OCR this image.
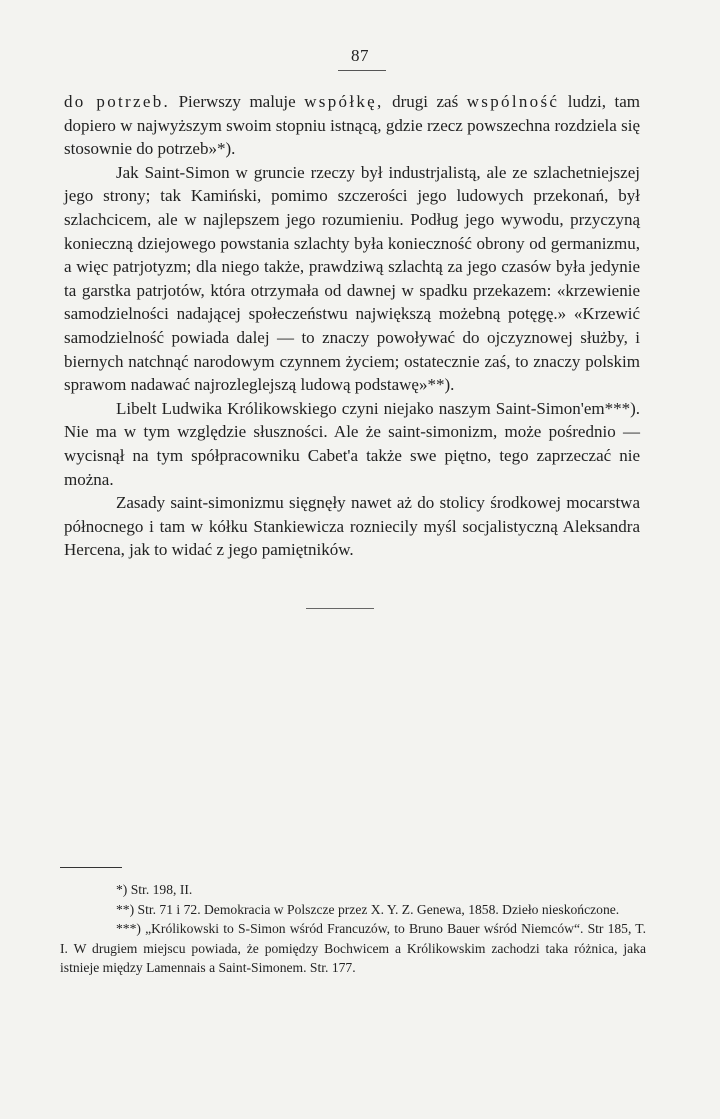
87

do potrzeb. Pierwszy maluje współkę, drugi zaś wspólność ludzi, tam dopiero w najwyższym swoim stopniu istnącą, gdzie rzecz powszechna rozdziela się stosownie do potrzeb»*).

Jak Saint-Simon w gruncie rzeczy był industrjalistą, ale ze szlachetniejszej jego strony; tak Kamiński, pomimo szczerości jego ludowych przekonań, był szlachcicem, ale w najlepszem jego rozumieniu. Podług jego wywodu, przyczyną konieczną dziejowego powstania szlachty była konieczność obrony od germanizmu, a więc patrjotyzm; dla niego także, prawdziwą szlachtą za jego czasów była jedynie ta garstka patrjotów, która otrzymała od dawnej w spadku przekazem: «krzewienie samodzielności nadającej społeczeństwu największą możebną potęgę.» «Krzewić samodzielność powiada dalej — to znaczy powoływać do ojczyznowej służby, i biernych natchnąć narodowym czynnem życiem; ostatecznie zaś, to znaczy polskim sprawom nadawać najrozleglejszą ludową podstawę»**).

Libelt Ludwika Królikowskiego czyni niejako naszym Saint-Simon'em***). Nie ma w tym względzie słuszności. Ale że saint-simonizm, może pośrednio — wycisnął na tym spółpracowniku Cabet'a także swe piętno, tego zaprzeczać nie można.

Zasady saint-simonizmu sięgnęły nawet aż do stolicy środkowej mocarstwa północnego i tam w kółku Stankiewicza rozniecily myśl socjalistyczną Aleksandra Hercena, jak to widać z jego pamiętników.

*) Str. 198, II.

**) Str. 71 i 72. Demokracia w Polszcze przez X. Y. Z. Genewa, 1858. Dzieło nieskończone.

***) „Królikowski to S-Simon wśród Francuzów, to Bruno Bauer wśród Niemców“. Str 185, T. I. W drugiem miejscu powiada, że pomiędzy Bochwicem a Królikowskim zachodzi taka różnica, jaka istnieje między Lamennais a Saint-Simonem. Str. 177.
